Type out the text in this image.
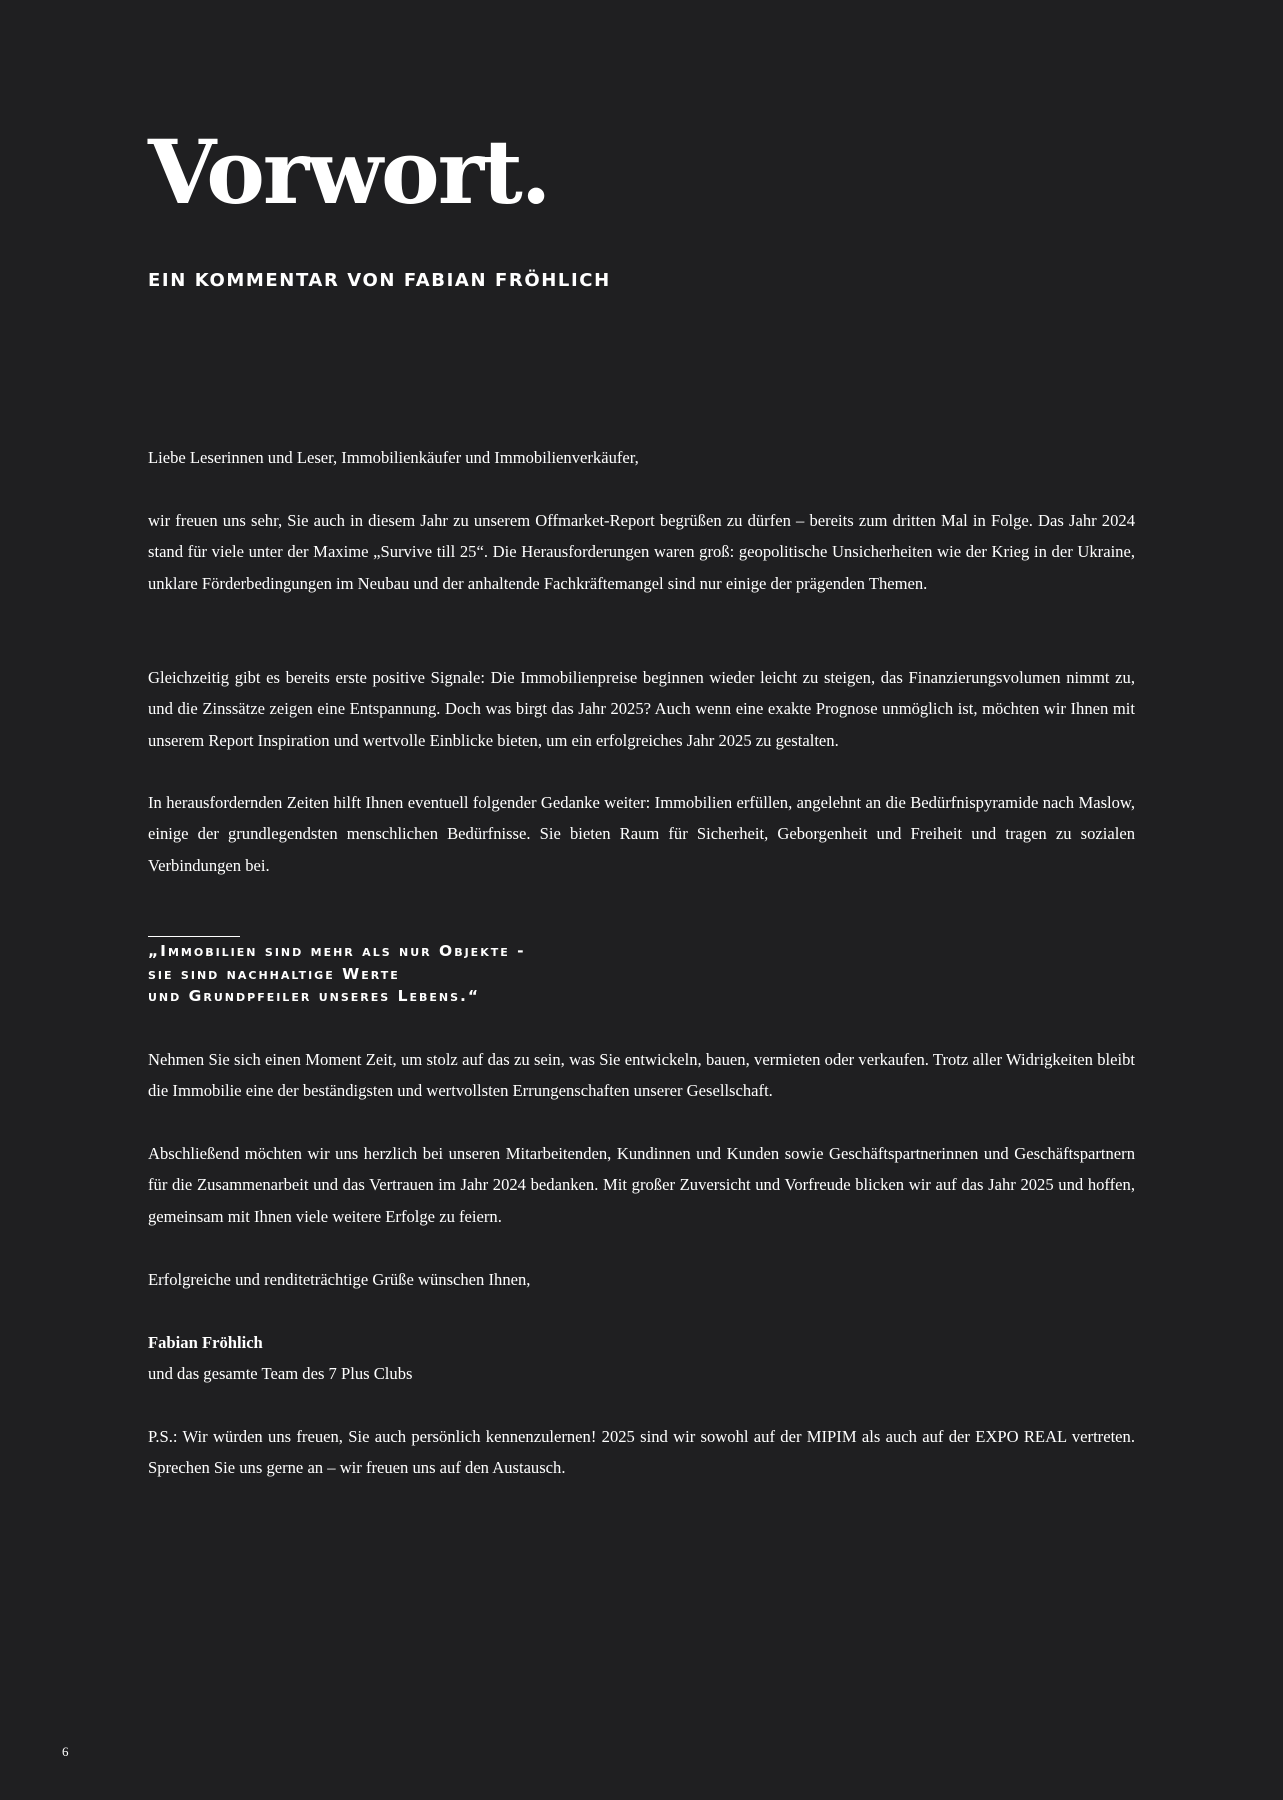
Vorwort.
EIN KOMMENTAR VON FABIAN FRÖHLICH

Liebe Leserinnen und Leser, Immobilienkäufer und Immobilienverkäufer,

wir freuen uns sehr, Sie auch in diesem Jahr zu unserem Offmarket-Report begrüßen zu dürfen – bereits zum dritten Mal in Folge. Das Jahr 2024 stand für viele unter der Maxime „Survive till 25“. Die Herausforderungen waren groß: geopolitische Unsicherheiten wie der Krieg in der Ukraine, unklare Förderbedingungen im Neubau und der anhaltende Fachkräftemangel sind nur einige der prägenden Themen.

Gleichzeitig gibt es bereits erste positive Signale: Die Immobilienpreise beginnen wieder leicht zu steigen, das Finanzierungsvolumen nimmt zu, und die Zinssätze zeigen eine Entspannung. Doch was birgt das Jahr 2025? Auch wenn eine exakte Prognose unmöglich ist, möchten wir Ihnen mit unserem Report Inspiration und wertvolle Einblicke bieten, um ein erfolgreiches Jahr 2025 zu gestalten.

In herausfordernden Zeiten hilft Ihnen eventuell folgender Gedanke weiter: Immobilien erfüllen, angelehnt an die Bedürfnispyramide nach Maslow, einige der grundlegendsten menschlichen Bedürfnisse. Sie bieten Raum für Sicherheit, Geborgenheit und Freiheit und tragen zu sozialen Verbindungen bei.

„Immobilien sind mehr als nur Objekte -
sie sind nachhaltige Werte
und Grundpfeiler unseres Lebens.“

Nehmen Sie sich einen Moment Zeit, um stolz auf das zu sein, was Sie entwickeln, bauen, vermieten oder verkaufen. Trotz aller Widrigkeiten bleibt die Immobilie eine der beständigsten und wertvollsten Errungenschaften unserer Gesellschaft.

Abschließend möchten wir uns herzlich bei unseren Mitarbeitenden, Kundinnen und Kunden sowie Geschäftspartnerinnen und Geschäftspartnern für die Zusammenarbeit und das Vertrauen im Jahr 2024 bedanken. Mit großer Zuversicht und Vorfreude blicken wir auf das Jahr 2025 und hoffen, gemeinsam mit Ihnen viele weitere Erfolge zu feiern.

Erfolgreiche und renditeträchtige Grüße wünschen Ihnen,

Fabian Fröhlich
und das gesamte Team des 7 Plus Clubs

P.S.: Wir würden uns freuen, Sie auch persönlich kennenzulernen! 2025 sind wir sowohl auf der MIPIM als auch auf der EXPO REAL vertreten. Sprechen Sie uns gerne an – wir freuen uns auf den Austausch.

6
